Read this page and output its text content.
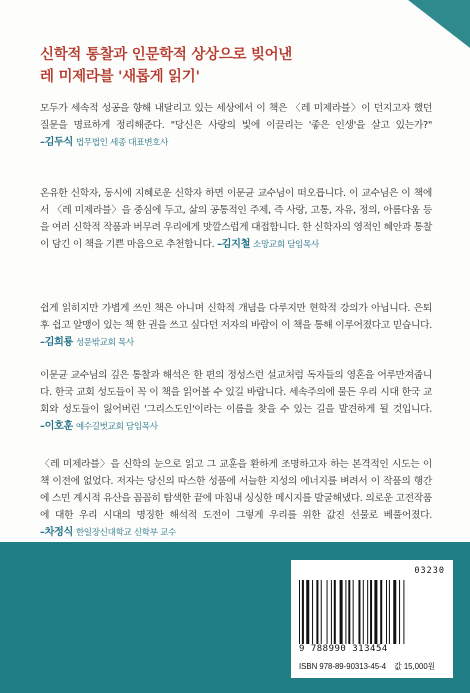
신학적 통찰과 인문학적 상상으로 빚어낸
레 미제라블 '새롭게 읽기'

모두가 세속적 성공을 향해 내달리고 있는 세상에서 이 책은 〈레 미제라블〉이 던지고자 했던 질문을 명료하게 정리해준다. "당신은 사랑의 빛에 이끌리는 '좋은 인생'을 살고 있는가?" –김두식 법무법인 세종 대표변호사

온유한 신학자, 동시에 지혜로운 신학자 하면 이문균 교수님이 떠오릅니다. 이 교수님은 이 책에서 〈레 미제라블〉을 중심에 두고, 삶의 공통적인 주제, 즉 사랑, 고통, 자유, 정의, 아름다움 등을 여러 신학적 작품과 버무려 우리에게 맛깔스럽게 대접합니다. 한 신학자의 영적인 혜안과 통찰이 담긴 이 책을 기쁜 마음으로 추천합니다. –김지철 소망교회 담임목사

쉽게 읽히지만 가볍게 쓰인 책은 아니며 신학적 개념을 다루지만 현학적 강의가 아닙니다. 은퇴 후 쉽고 알맹이 있는 책 한 권을 쓰고 싶다던 저자의 바람이 이 책을 통해 이루어졌다고 믿습니다. –김희룡 성문밖교회 목사

이문균 교수님의 깊은 통찰과 해석은 한 편의 정성스런 설교처럼 독자들의 영혼을 어루만져줍니다. 한국 교회 성도들이 꼭 이 책을 읽어볼 수 있길 바랍니다. 세속주의에 물든 우리 시대 한국 교회와 성도들이 잃어버린 '그리스도인'이라는 이름을 찾을 수 있는 길을 발견하게 될 것입니다. –이호훈 예수길벗교회 담임목사

〈레 미제라블〉을 신학의 눈으로 읽고 그 교훈을 환하게 조명하고자 하는 본격적인 시도는 이 책 이전에 없었다. 저자는 당신의 따스한 성품에 서늘한 지성의 에너지를 벼려서 이 작품의 행간에 스민 계시적 유산을 꼼꼼히 탐색한 끝에 마침내 싱싱한 메시지를 발굴해냈다. 의로운 고전작품에 대한 우리 시대의 명징한 해석적 도전이 그렇게 우리를 위한 값진 선물로 베풀어졌다. –차정식 한일장신대학교 신학부 교수

03230
9 788990 313454
ISBN 978-89-90313-45-4 값 15,000원
